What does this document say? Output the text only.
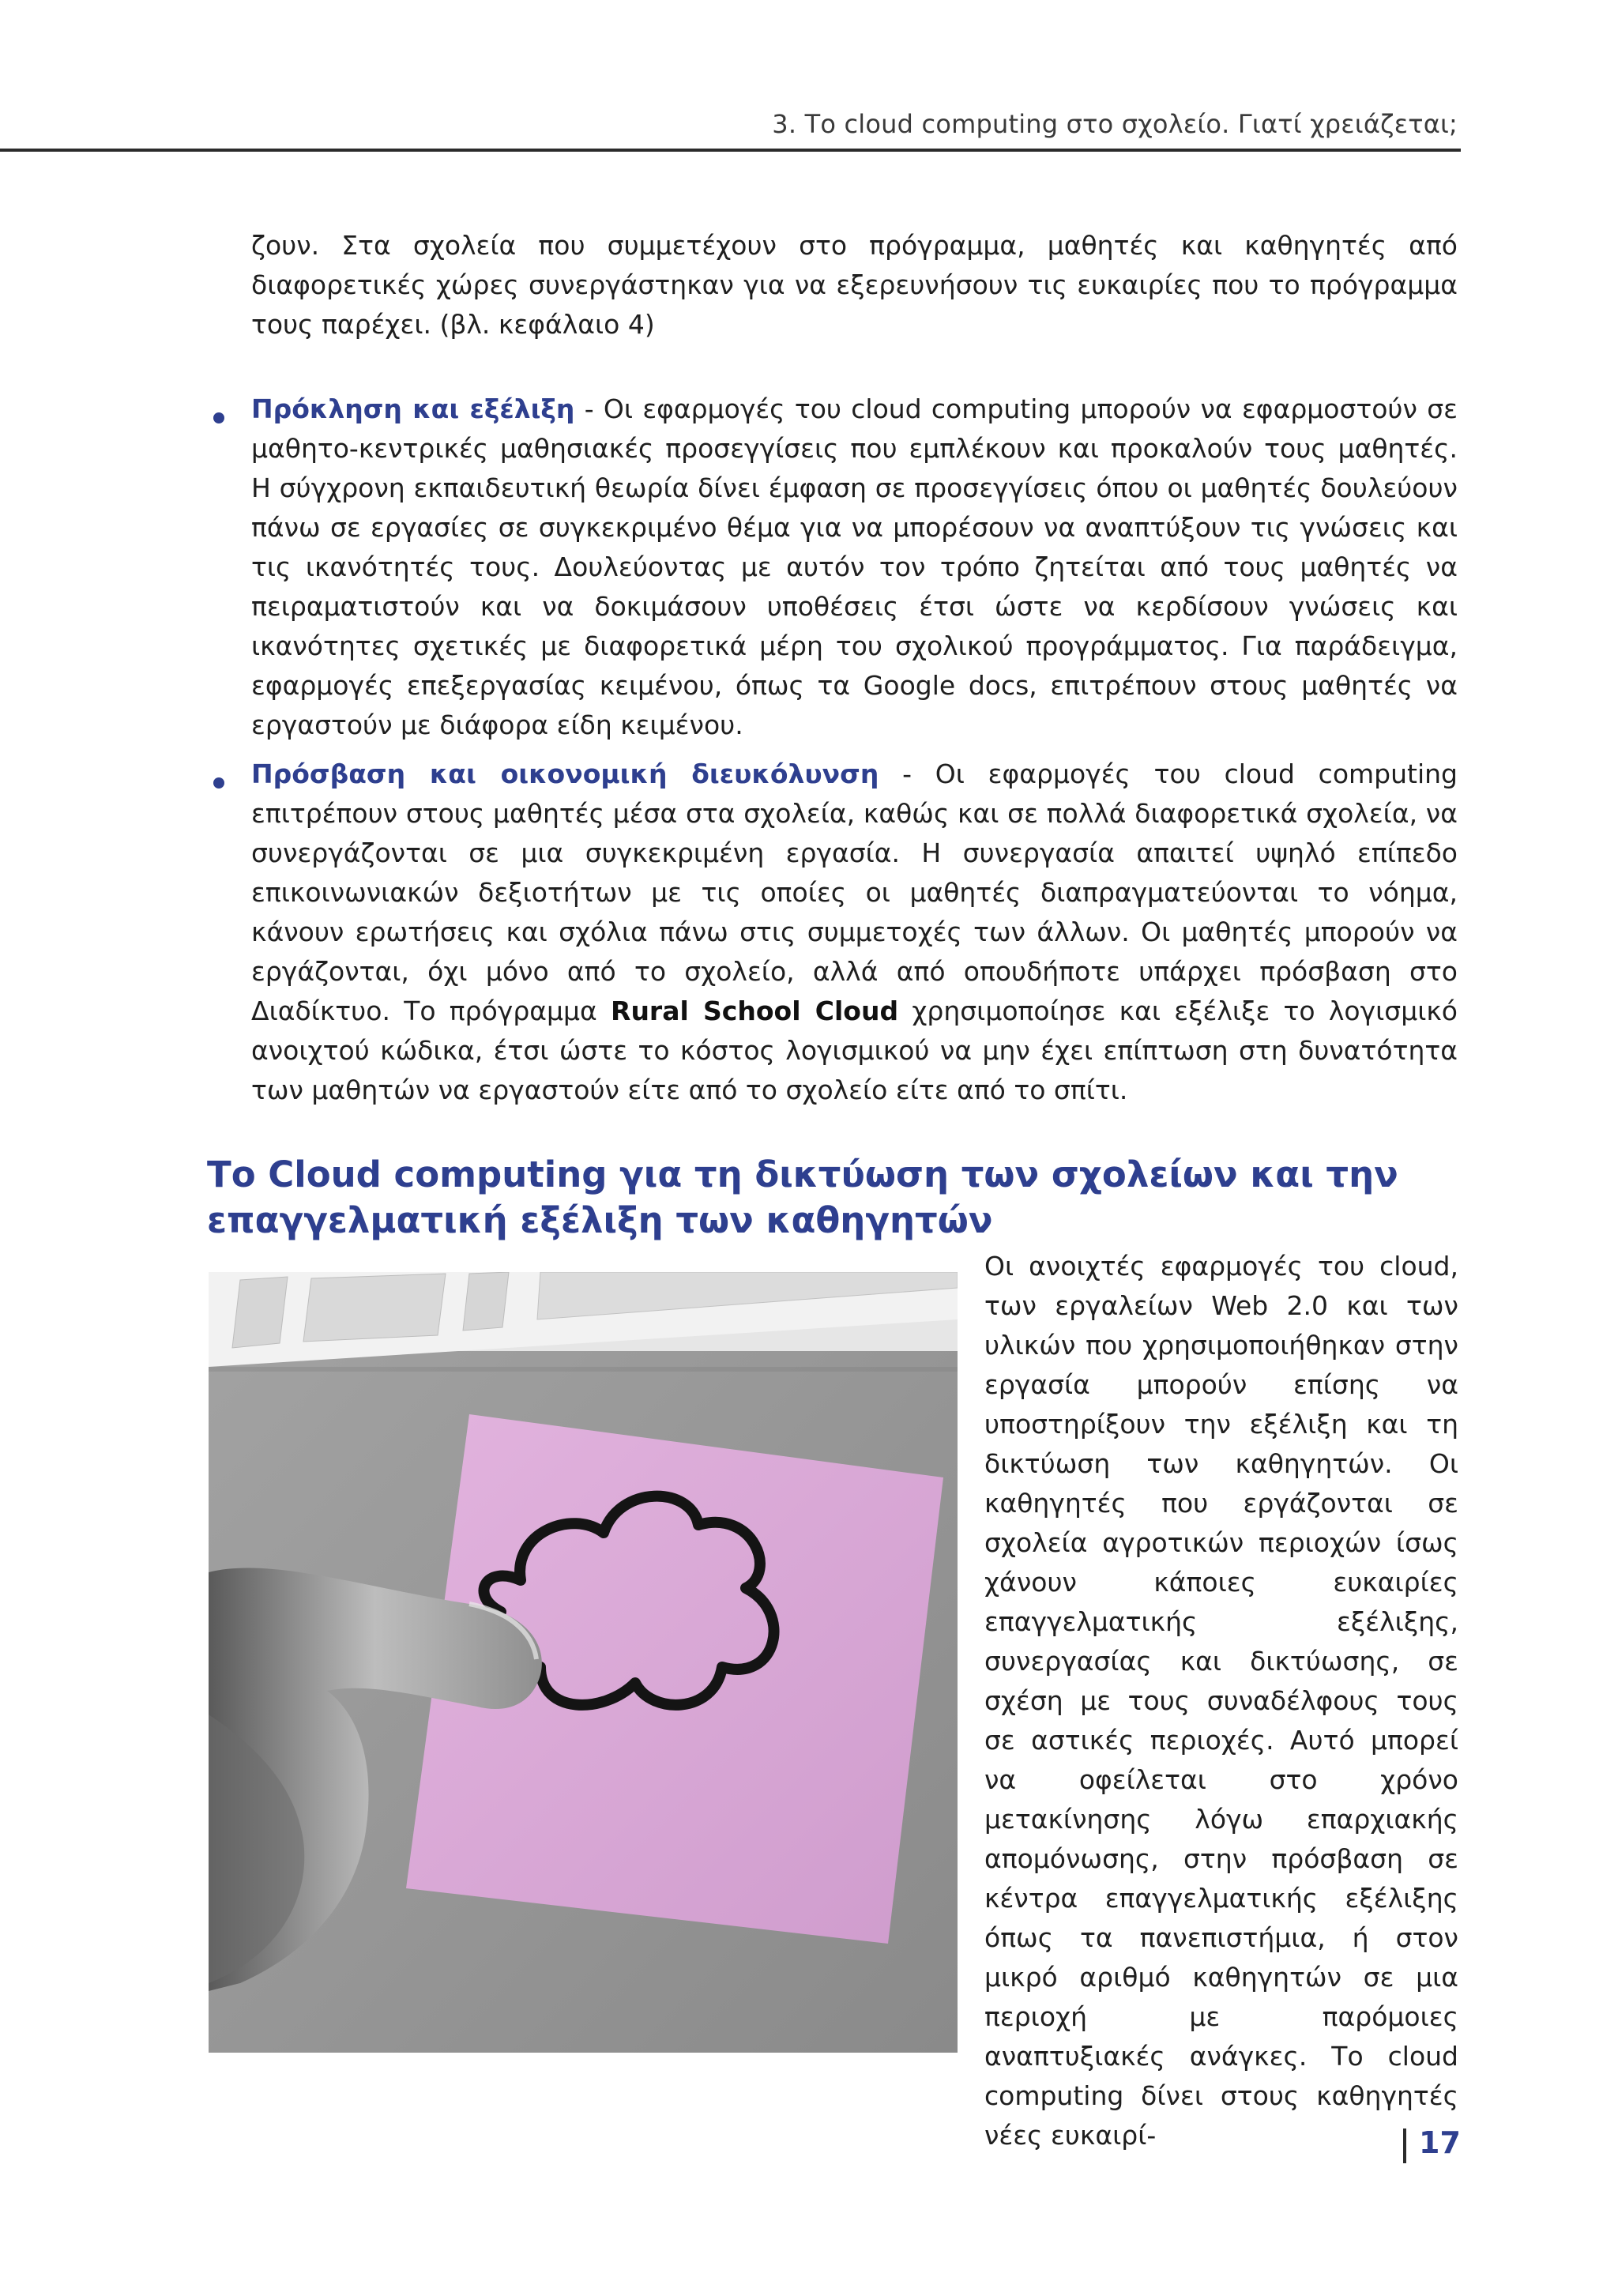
3. Το cloud computing στο σχολείο. Γιατί χρειάζεται;

ζουν. Στα σχολεία που συμμετέχουν στο πρόγραμμα, μαθητές και καθηγητές από διαφορετικές χώρες συνεργάστηκαν για να εξερευνήσουν τις ευκαιρίες που το πρόγραμμα τους παρέχει. (βλ. κεφάλαιο 4)

Πρόκληση και εξέλιξη - Οι εφαρμογές του cloud computing μπορούν να εφαρμοστούν σε μαθητο-κεντρικές μαθησιακές προσεγγίσεις που εμπλέκουν και προκαλούν τους μαθητές. Η σύγχρονη εκπαιδευτική θεωρία δίνει έμφαση σε προσεγγίσεις όπου οι μαθητές δουλεύουν πάνω σε εργασίες σε συγκεκριμένο θέμα για να μπορέσουν να αναπτύξουν τις γνώσεις και τις ικανότητές τους. Δουλεύοντας με αυτόν τον τρόπο ζητείται από τους μαθητές να πειραματιστούν και να δοκιμάσουν υποθέσεις έτσι ώστε να κερδίσουν γνώσεις και ικανότητες σχετικές με διαφορετικά μέρη του σχολικού προγράμματος. Για παράδειγμα, εφαρμογές επεξεργασίας κειμένου, όπως τα Google docs, επιτρέπουν στους μαθητές να εργαστούν με διάφορα είδη κειμένου.
Πρόσβαση και οικονομική διευκόλυνση - Οι εφαρμογές του cloud computing επιτρέπουν στους μαθητές μέσα στα σχολεία, καθώς και σε πολλά διαφορετικά σχολεία, να συνεργάζονται σε μια συγκεκριμένη εργασία. Η συνεργασία απαιτεί υψηλό επίπεδο επικοινωνιακών δεξιοτήτων με τις οποίες οι μαθητές διαπραγματεύονται το νόημα, κάνουν ερωτήσεις και σχόλια πάνω στις συμμετοχές των άλλων. Οι μαθητές μπορούν να εργάζονται, όχι μόνο από το σχολείο, αλλά από οπουδήποτε υπάρχει πρόσβαση στο Διαδίκτυο. Το πρόγραμμα Rural School Cloud χρησιμοποίησε και εξέλιξε το λογισμικό ανοιχτού κώδικα, έτσι ώστε το κόστος λογισμικού να μην έχει επίπτωση στη δυνατότητα των μαθητών να εργαστούν είτε από το σχολείο είτε από το σπίτι.
Το Cloud computing για τη δικτύωση των σχολείων και την επαγγελματική εξέλιξη των καθηγητών

Οι ανοιχτές εφαρμογές του cloud, των εργαλείων Web 2.0 και των υλικών που χρησιμοποιήθηκαν στην εργασία μπορούν επίσης να υποστηρίξουν την εξέλιξη και τη δικτύωση των καθηγητών. Οι καθηγητές που εργάζονται σε σχολεία αγροτικών περιοχών ίσως χάνουν κάποιες ευκαιρίες επαγγελματικής εξέλιξης, συνεργασίας και δικτύωσης, σε σχέση με τους συναδέλφους τους σε αστικές περιοχές. Αυτό μπορεί να οφείλεται στο χρόνο μετακίνησης λόγω επαρχιακής απομόνωσης, στην πρόσβαση σε κέντρα επαγγελματικής εξέλιξης όπως τα πανεπιστήμια, ή στον μικρό αριθμό καθηγητών σε μια περιοχή με παρόμοιες αναπτυξιακές ανάγκες. Το cloud computing δίνει στους καθηγητές νέες ευκαιρί-	17
